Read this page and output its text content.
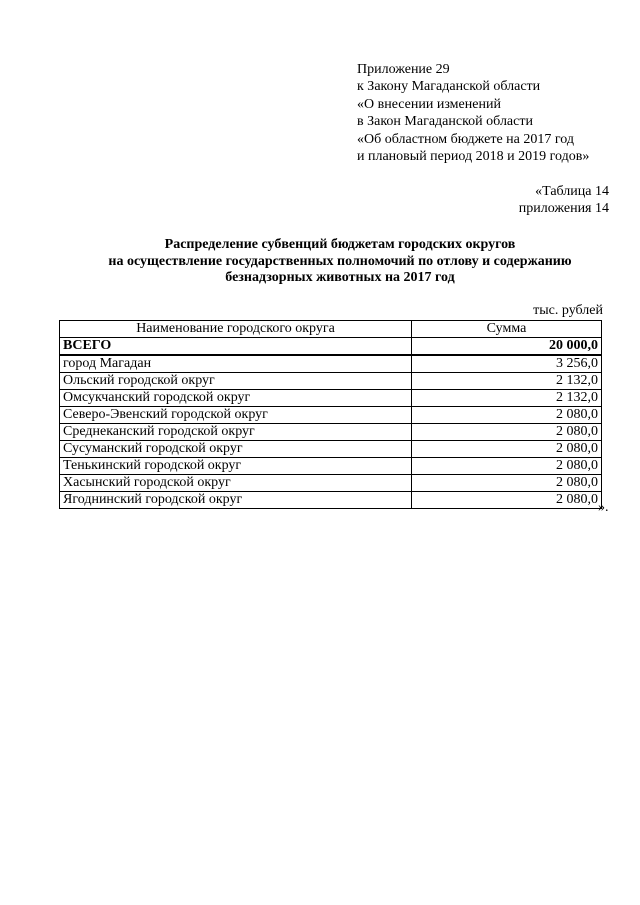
Приложение 29
к Закону Магаданской области
«О внесении изменений
в Закон Магаданской области
«Об областном бюджете на 2017 год
и плановый период 2018 и 2019 годов»
«Таблица 14
приложения 14
Распределение субвенций бюджетам городских округов
на осуществление государственных полномочий по отлову и содержанию
безнадзорных животных на 2017 год
тыс. рублей
Наименование городского округа	Сумма
ВСЕГО	20 000,0
город Магадан	3 256,0
Ольский городской округ	2 132,0
Омсукчанский городской округ	2 132,0
Северо-Эвенский городской округ	2 080,0
Среднеканский городской округ	2 080,0
Сусуманский городской округ	2 080,0
Тенькинский городской округ	2 080,0
Хасынский городской округ	2 080,0
Ягоднинский городской округ	2 080,0
».
